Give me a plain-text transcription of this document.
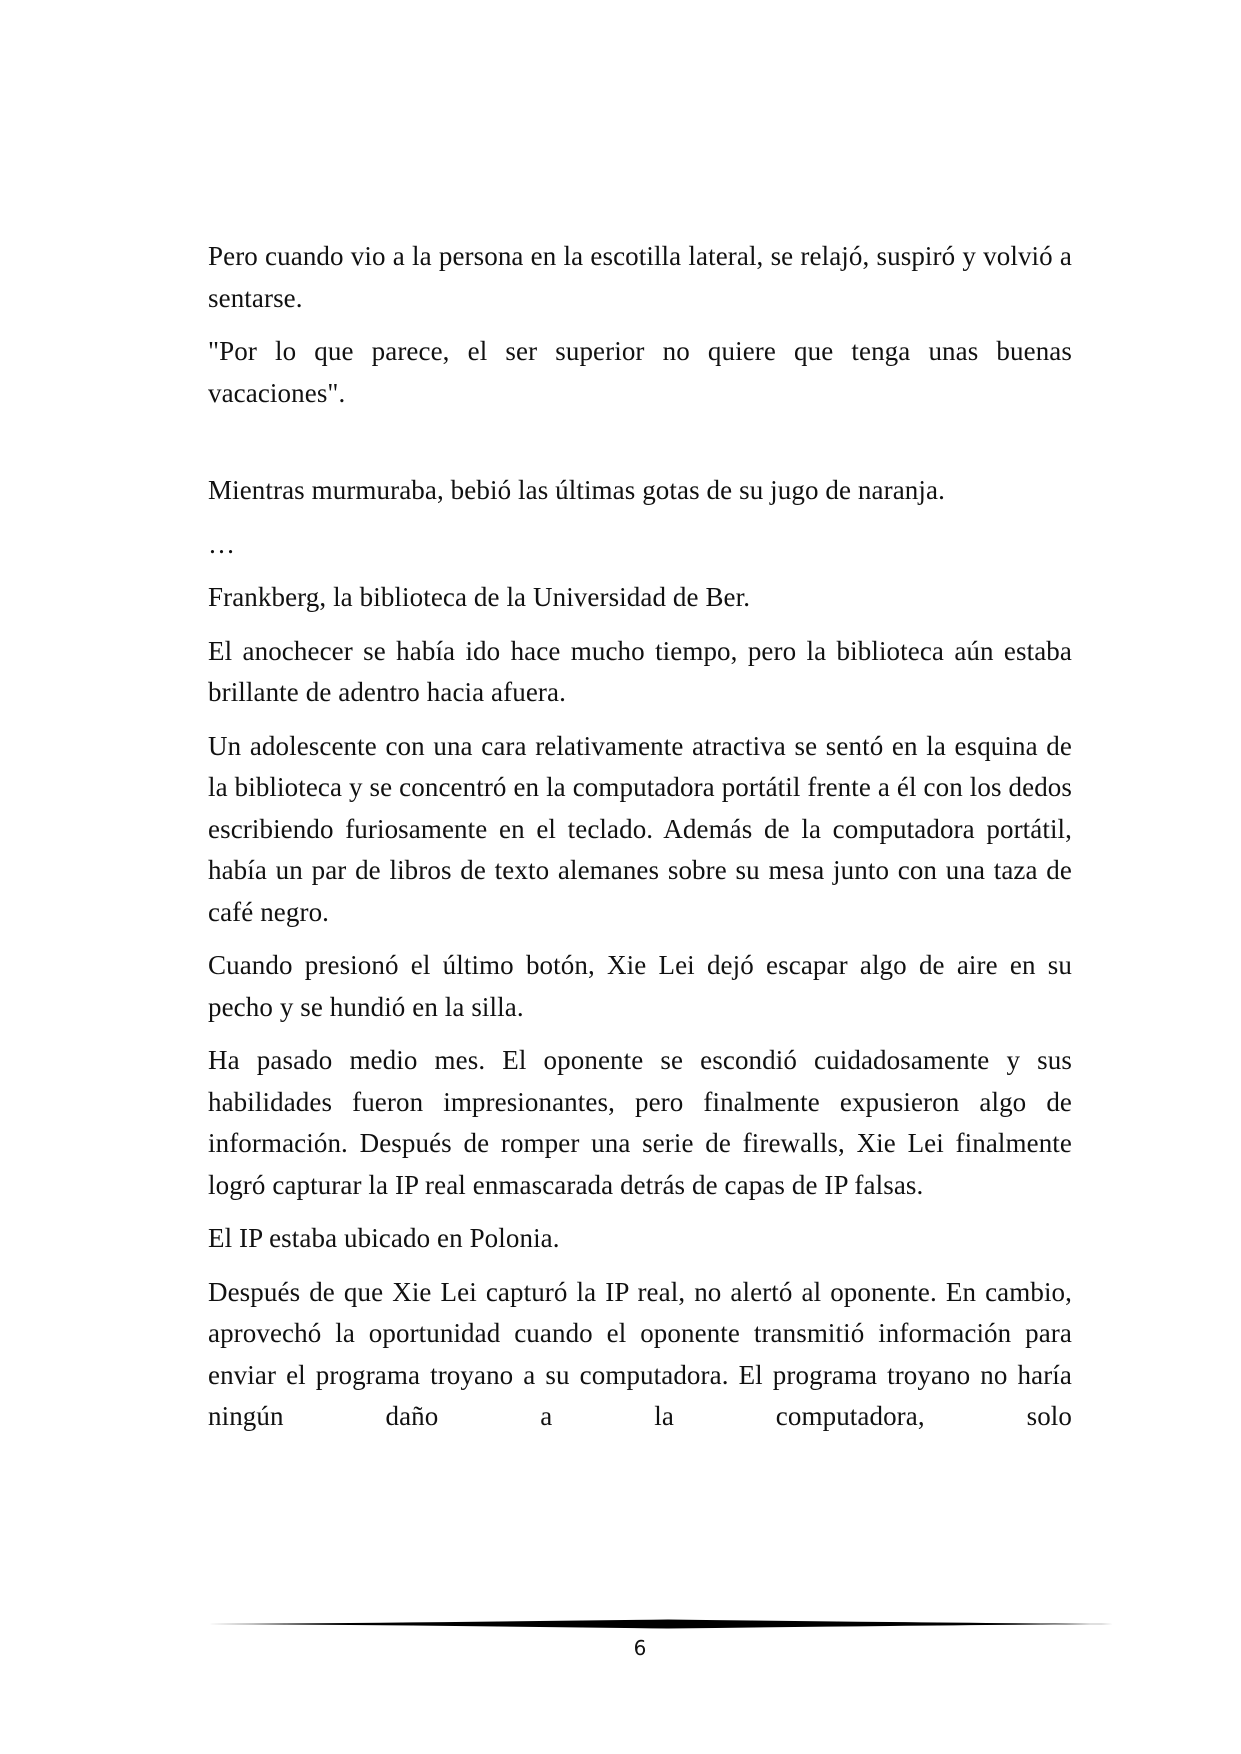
Pero cuando vio a la persona en la escotilla lateral, se relajó, suspiró y volvió a sentarse.

"Por lo que parece, el ser superior no quiere que tenga unas buenas vacaciones".

Mientras murmuraba, bebió las últimas gotas de su jugo de naranja.

…

Frankberg, la biblioteca de la Universidad de Ber.

El anochecer se había ido hace mucho tiempo, pero la biblioteca aún estaba brillante de adentro hacia afuera.

Un adolescente con una cara relativamente atractiva se sentó en la esquina de la biblioteca y se concentró en la computadora portátil frente a él con los dedos escribiendo furiosamente en el teclado. Además de la computadora portátil, había un par de libros de texto alemanes sobre su mesa junto con una taza de café negro.

Cuando presionó el último botón, Xie Lei dejó escapar algo de aire en su pecho y se hundió en la silla.

Ha pasado medio mes. El oponente se escondió cuidadosamente y sus habilidades fueron impresionantes, pero finalmente expusieron algo de información. Después de romper una serie de firewalls, Xie Lei finalmente logró capturar la IP real enmascarada detrás de capas de IP falsas.

El IP estaba ubicado en Polonia.

Después de que Xie Lei capturó la IP real, no alertó al oponente. En cambio, aprovechó la oportunidad cuando el oponente transmitió información para enviar el programa troyano a su computadora. El programa troyano no haría ningún daño a la computadora, solo

6
